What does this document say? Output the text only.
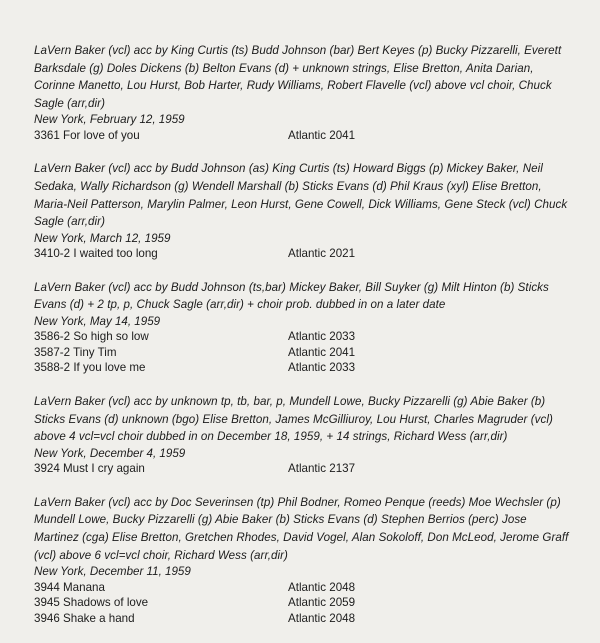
LaVern Baker (vcl) acc by King Curtis (ts) Budd Johnson (bar) Bert Keyes (p) Bucky Pizzarelli, Everett Barksdale (g) Doles Dickens (b) Belton Evans (d) + unknown strings, Elise Bretton, Anita Darian, Corinne Manetto, Lou Hurst, Bob Harter, Rudy Williams, Robert Flavelle (vcl) above vcl choir, Chuck Sagle (arr,dir)

New York, February 12, 1959

3361 For love of you	Atlantic 2041

LaVern Baker (vcl) acc by Budd Johnson (as) King Curtis (ts) Howard Biggs (p) Mickey Baker, Neil Sedaka, Wally Richardson (g) Wendell Marshall (b) Sticks Evans (d) Phil Kraus (xyl) Elise Bretton, Maria-Neil Patterson, Marylin Palmer, Leon Hurst, Gene Cowell, Dick Williams, Gene Steck (vcl) Chuck Sagle (arr,dir)

New York, March 12, 1959

3410-2 I waited too long	Atlantic 2021

LaVern Baker (vcl) acc by Budd Johnson (ts,bar) Mickey Baker, Bill Suyker (g) Milt Hinton (b) Sticks Evans (d) + 2 tp, p, Chuck Sagle (arr,dir) + choir prob. dubbed in on a later date

New York, May 14, 1959

3586-2 So high so low	Atlantic 2033
3587-2 Tiny Tim	Atlantic 2041
3588-2 If you love me	Atlantic 2033

LaVern Baker (vcl) acc by unknown tp, tb, bar, p, Mundell Lowe, Bucky Pizzarelli (g) Abie Baker (b) Sticks Evans (d) unknown (bgo) Elise Bretton, James McGilliuroy, Lou Hurst, Charles Magruder (vcl) above 4 vcl=vcl choir dubbed in on December 18, 1959, + 14 strings, Richard Wess (arr,dir)

New York, December 4, 1959

3924 Must I cry again	Atlantic 2137

LaVern Baker (vcl) acc by Doc Severinsen (tp) Phil Bodner, Romeo Penque (reeds) Moe Wechsler (p) Mundell Lowe, Bucky Pizzarelli (g) Abie Baker (b) Sticks Evans (d) Stephen Berrios (perc) Jose Martinez (cga) Elise Bretton, Gretchen Rhodes, David Vogel, Alan Sokoloff, Don McLeod, Jerome Graff (vcl) above 6 vcl=vcl choir, Richard Wess (arr,dir)

New York, December 11, 1959

3944 Manana	Atlantic 2048
3945 Shadows of love	Atlantic 2059
3946 Shake a hand	Atlantic 2048
